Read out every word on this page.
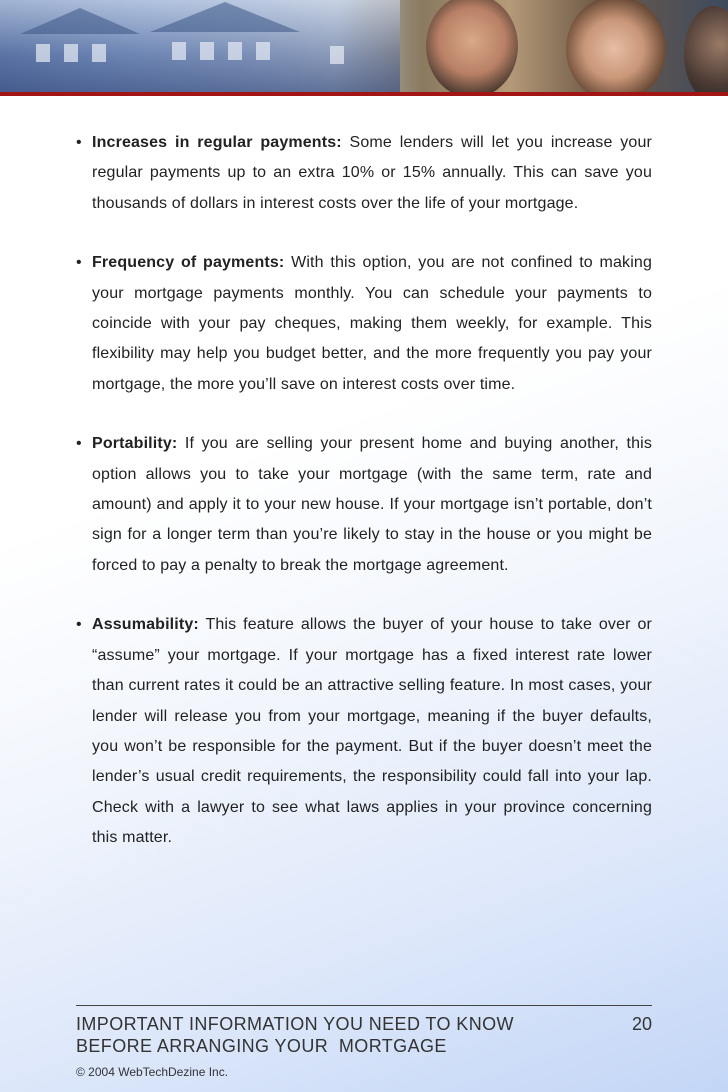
• Increases in regular payments: Some lenders will let you increase your regular payments up to an extra 10% or 15% annually. This can save you thousands of dollars in interest costs over the life of your mortgage.

• Frequency of payments: With this option, you are not confined to making your mortgage payments monthly. You can schedule your payments to coincide with your pay cheques, making them weekly, for example. This flexibility may help you budget better, and the more frequently you pay your mortgage, the more you’ll save on interest costs over time.

• Portability: If you are selling your present home and buying another, this option allows you to take your mortgage (with the same term, rate and amount) and apply it to your new house. If your mortgage isn’t portable, don’t sign for a longer term than you’re likely to stay in the house or you might be forced to pay a penalty to break the mortgage agreement.

• Assumability: This feature allows the buyer of your house to take over or “assume” your mortgage. If your mortgage has a fixed interest rate lower than current rates it could be an attractive selling feature. In most cases, your lender will release you from your mortgage, meaning if the buyer defaults, you won’t be responsible for the payment. But if the buyer doesn’t meet the lender’s usual credit requirements, the responsibility could fall into your lap. Check with a lawyer to see what laws applies in your province concerning this matter.

IMPORTANT INFORMATION YOU NEED TO KNOW
BEFORE ARRANGING YOUR  MORTGAGE
20
© 2004 WebTechDezine Inc.
